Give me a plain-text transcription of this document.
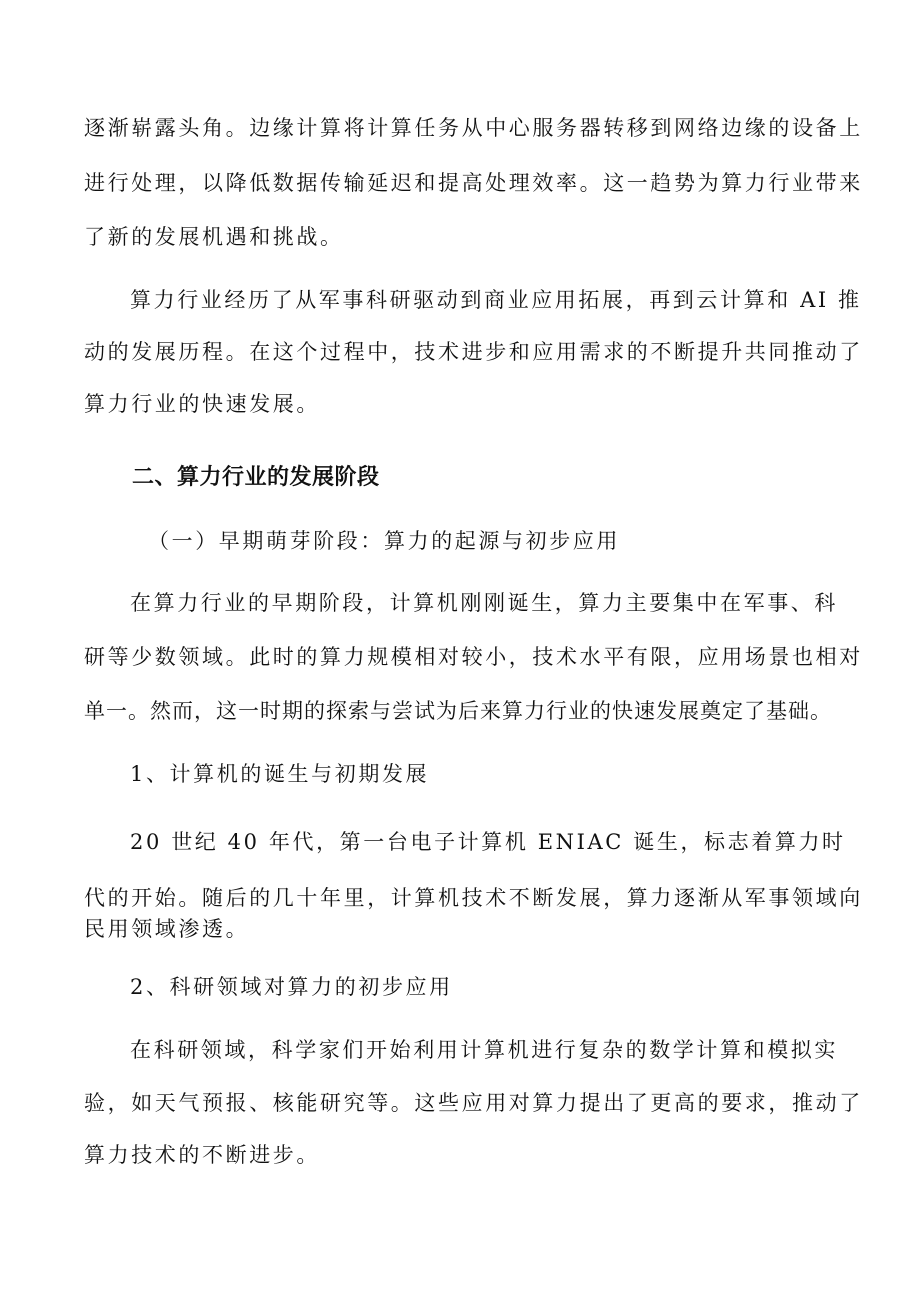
逐渐崭露头角。边缘计算将计算任务从中心服务器转移到网络边缘的设备上

进行处理，以降低数据传输延迟和提高处理效率。这一趋势为算力行业带来

了新的发展机遇和挑战。

算力行业经历了从军事科研驱动到商业应用拓展，再到云计算和 AI 推

动的发展历程。在这个过程中，技术进步和应用需求的不断提升共同推动了

算力行业的快速发展。

二、算力行业的发展阶段

（一）早期萌芽阶段：算力的起源与初步应用

在算力行业的早期阶段，计算机刚刚诞生，算力主要集中在军事、科

研等少数领域。此时的算力规模相对较小，技术水平有限，应用场景也相对

单一。然而，这一时期的探索与尝试为后来算力行业的快速发展奠定了基础。

1、计算机的诞生与初期发展

20 世纪 40 年代，第一台电子计算机 ENIAC 诞生，标志着算力时

代的开始。随后的几十年里，计算机技术不断发展，算力逐渐从军事领域向

民用领域渗透。

2、科研领域对算力的初步应用

在科研领域，科学家们开始利用计算机进行复杂的数学计算和模拟实

验，如天气预报、核能研究等。这些应用对算力提出了更高的要求，推动了

算力技术的不断进步。
